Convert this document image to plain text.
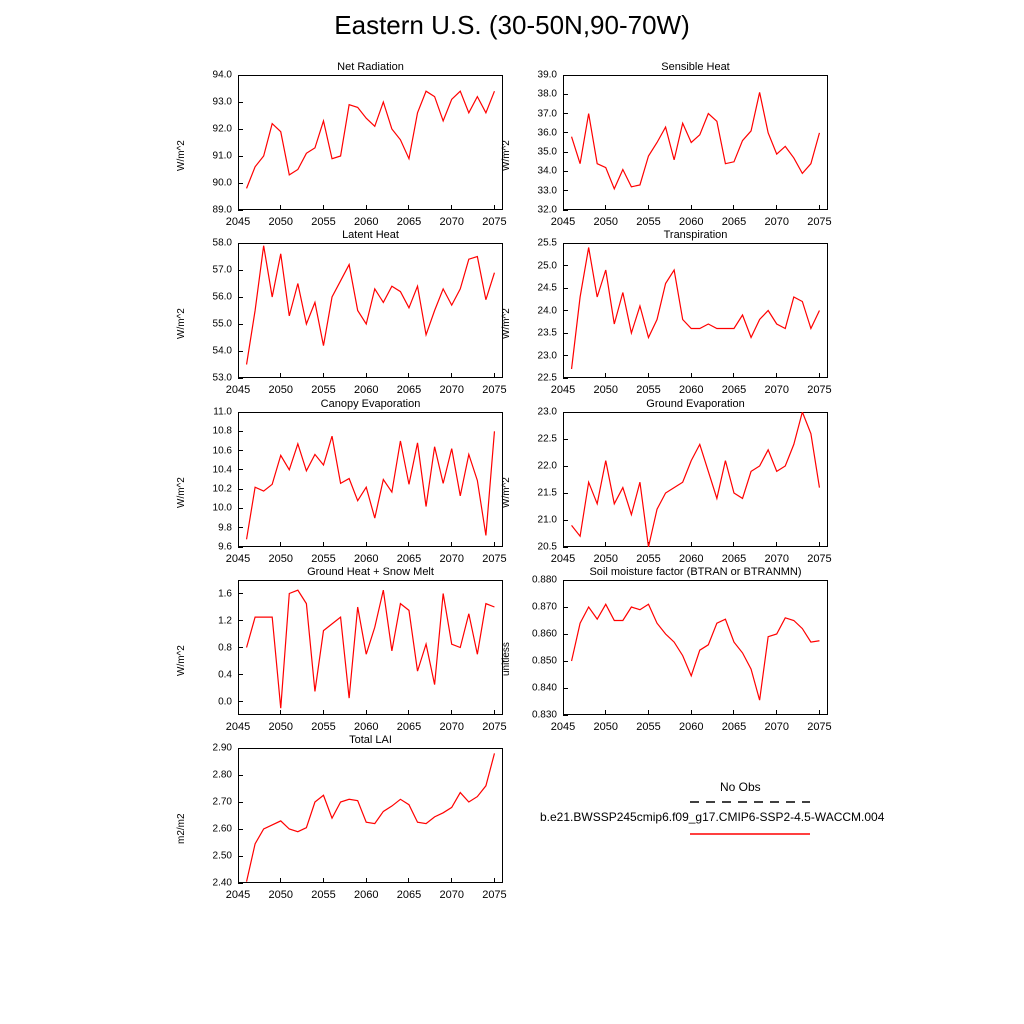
Eastern U.S. (30-50N,90-70W)
Net Radiation
W/m^2
89.0
90.0
91.0
92.0
93.0
94.0
2045 2050 2055 2060 2065 2070 2075
Sensible Heat
W/m^2
32.0
33.0
34.0
35.0
36.0
37.0
38.0
39.0
2045 2050 2055 2060 2065 2070 2075
Latent Heat
W/m^2
53.0
54.0
55.0
56.0
57.0
58.0
2045 2050 2055 2060 2065 2070 2075
Transpiration
W/m^2
22.5
23.0
23.5
24.0
24.5
25.0
25.5
2045 2050 2055 2060 2065 2070 2075
Canopy Evaporation
W/m^2
9.6
9.8
10.0
10.2
10.4
10.6
10.8
11.0
2045 2050 2055 2060 2065 2070 2075
Ground Evaporation
W/m^2
20.5
21.0
21.5
22.0
22.5
23.0
2045 2050 2055 2060 2065 2070 2075
Ground Heat + Snow Melt
W/m^2
0.0
0.4
0.8
1.2
1.6
2045 2050 2055 2060 2065 2070 2075
Soil moisture factor (BTRAN or BTRANMN)
unitless
0.830
0.840
0.850
0.860
0.870
0.880
2045 2050 2055 2060 2065 2070 2075
Total LAI
m2/m2
2.40
2.50
2.60
2.70
2.80
2.90
2045 2050 2055 2060 2065 2070 2075
No Obs
b.e21.BWSSP245cmip6.f09_g17.CMIP6-SSP2-4.5-WACCM.004
